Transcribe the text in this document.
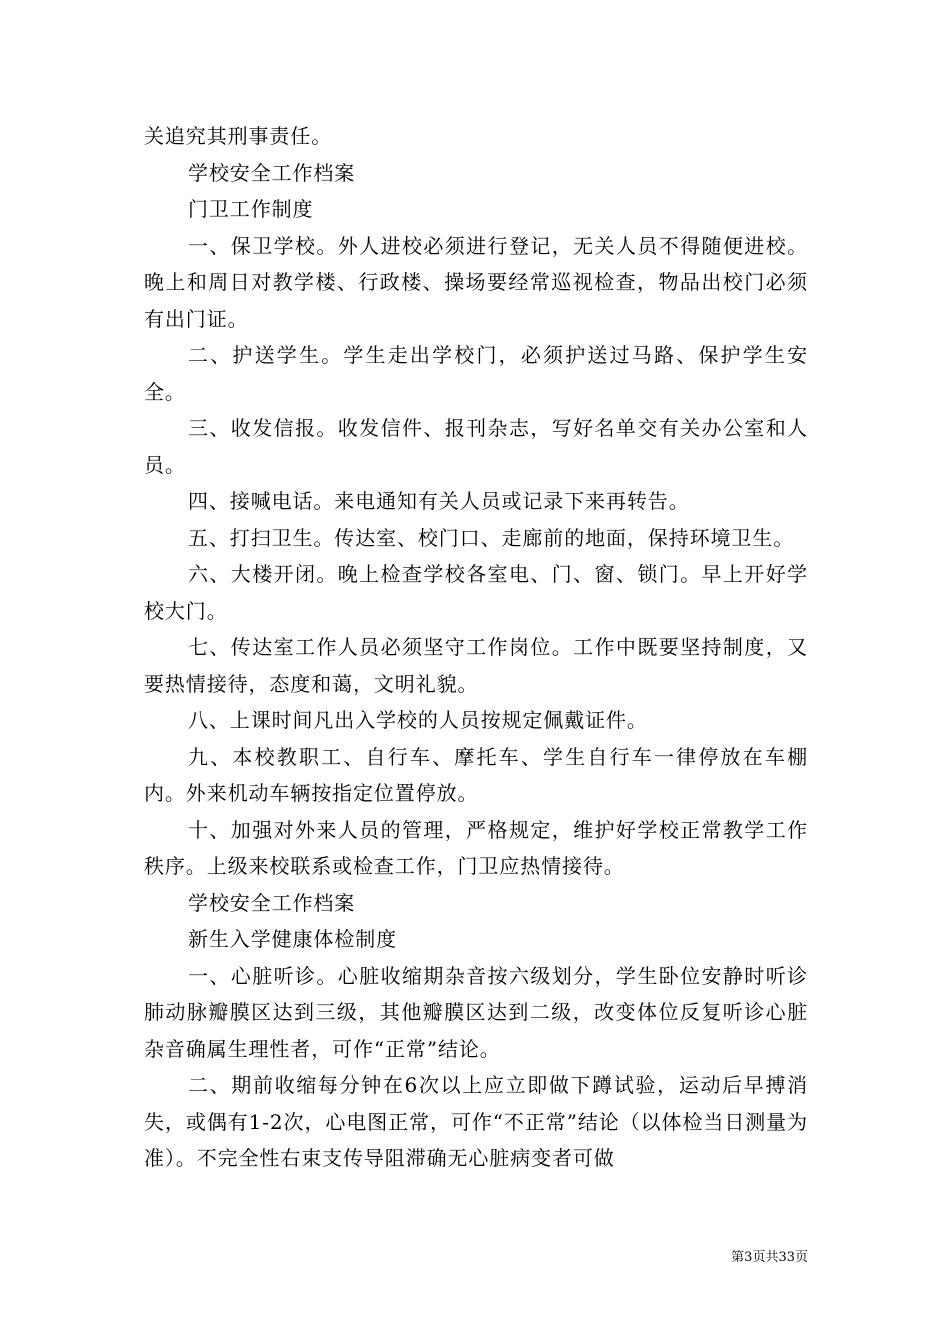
关追究其刑事责任。

学校安全工作档案

门卫工作制度

一、保卫学校。外人进校必须进行登记，无关人员不得随便进校。晚上和周日对教学楼、行政楼、操场要经常巡视检查，物品出校门必须有出门证。

二、护送学生。学生走出学校门，必须护送过马路、保护学生安全。

三、收发信报。收发信件、报刊杂志，写好名单交有关办公室和人员。

四、接喊电话。来电通知有关人员或记录下来再转告。

五、打扫卫生。传达室、校门口、走廊前的地面，保持环境卫生。

六、大楼开闭。晚上检查学校各室电、门、窗、锁门。早上开好学校大门。

七、传达室工作人员必须坚守工作岗位。工作中既要坚持制度，又要热情接待，态度和蔼，文明礼貌。

八、上课时间凡出入学校的人员按规定佩戴证件。

九、本校教职工、自行车、摩托车、学生自行车一律停放在车棚内。外来机动车辆按指定位置停放。

十、加强对外来人员的管理，严格规定，维护好学校正常教学工作秩序。上级来校联系或检查工作，门卫应热情接待。

学校安全工作档案

新生入学健康体检制度

一、心脏听诊。心脏收缩期杂音按六级划分，学生卧位安静时听诊肺动脉瓣膜区达到三级，其他瓣膜区达到二级，改变体位反复听诊心脏杂音确属生理性者，可作“正常”结论。

二、期前收缩每分钟在6次以上应立即做下蹲试验，运动后早搏消失，或偶有1-2次，心电图正常，可作“不正常”结论（以体检当日测量为准）。不完全性右束支传导阻滞确无心脏病变者可做

第3页共33页
